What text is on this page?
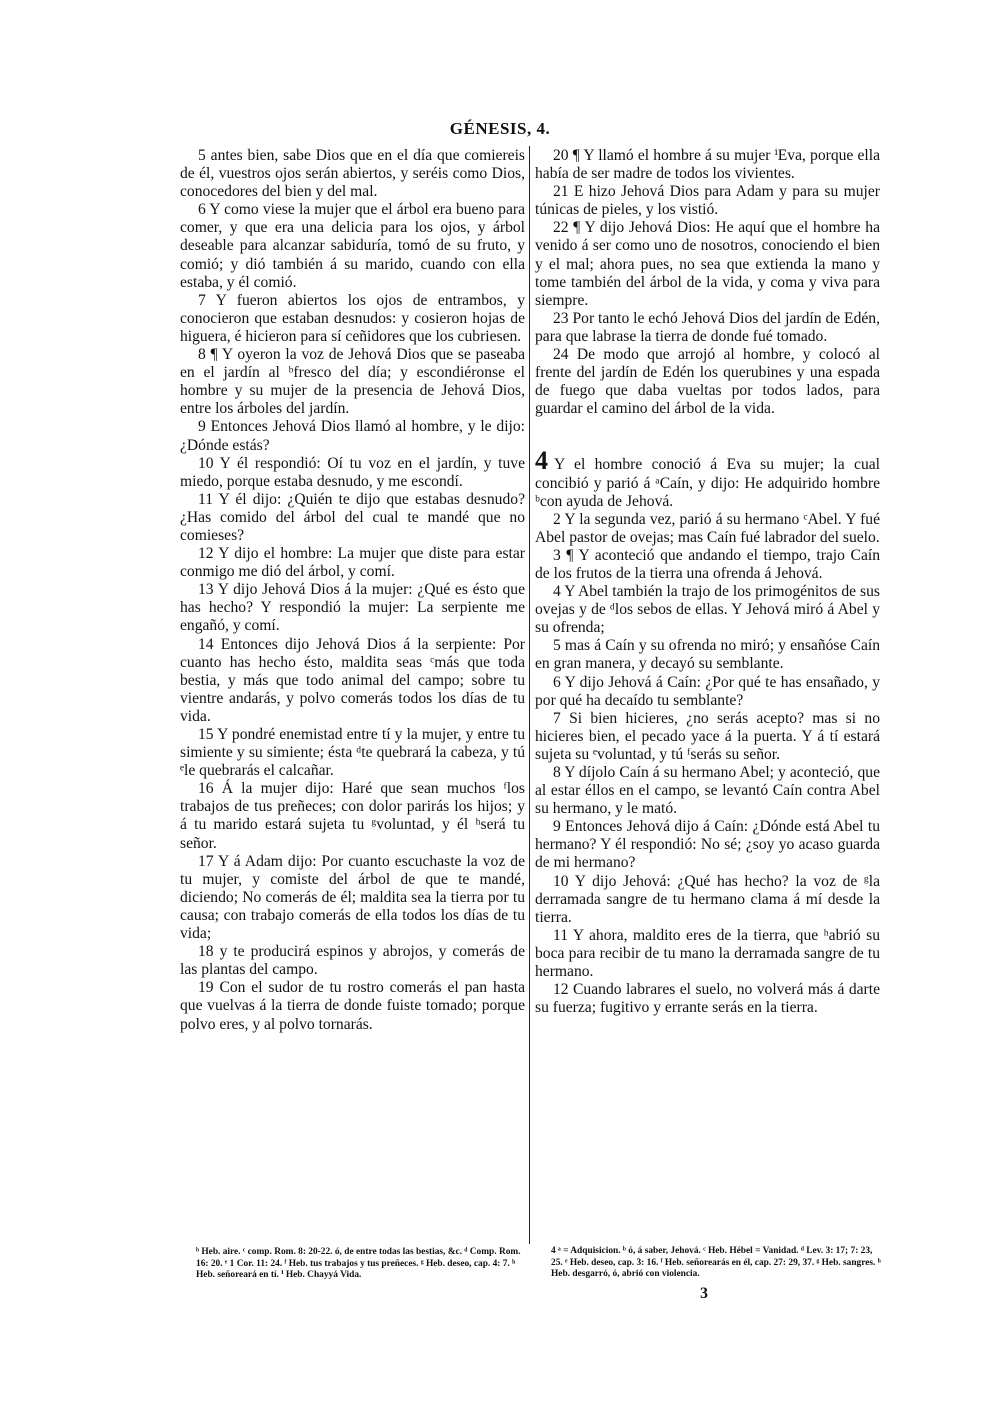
GÉNESIS, 4.

5 antes bien, sabe Dios que en el día que comiereis de él, vuestros ojos serán abiertos, y seréis como Dios, conocedores del bien y del mal.

6 Y como viese la mujer que el árbol era bueno para comer, y que era una delicia para los ojos, y árbol deseable para alcanzar sabiduría, tomó de su fruto, y comió; y dió también á su marido, cuando con ella estaba, y él comió.

7 Y fueron abiertos los ojos de entrambos, y conocieron que estaban desnudos: y cosieron hojas de higuera, é hicieron para sí ceñidores que los cubriesen.

8 ¶ Y oyeron la voz de Jehová Dios que se paseaba en el jardín al ᵇfresco del día; y escondiéronse el hombre y su mujer de la presencia de Jehová Dios, entre los árboles del jardín.

9 Entonces Jehová Dios llamó al hombre, y le dijo: ¿Dónde estás?

10 Y él respondió: Oí tu voz en el jardín, y tuve miedo, porque estaba desnudo, y me escondí.

11 Y él dijo: ¿Quién te dijo que estabas desnudo? ¿Has comido del árbol del cual te mandé que no comieses?

12 Y dijo el hombre: La mujer que diste para estar conmigo me dió del árbol, y comí.

13 Y dijo Jehová Dios á la mujer: ¿Qué es ésto que has hecho? Y respondió la mujer: La serpiente me engañó, y comí.

14 Entonces dijo Jehová Dios á la serpiente: Por cuanto has hecho ésto, maldita seas ᶜmás que toda bestia, y más que todo animal del campo; sobre tu vientre andarás, y polvo comerás todos los días de tu vida.

15 Y pondré enemistad entre tí y la mujer, y entre tu simiente y su simiente; ésta ᵈte quebrará la cabeza, y tú ᵉle quebrarás el calcañar.

16 Á la mujer dijo: Haré que sean muchos ᶠlos trabajos de tus preñeces; con dolor parirás los hijos; y á tu marido estará sujeta tu ᵍvoluntad, y él ʰserá tu señor.

17 Y á Adam dijo: Por cuanto escuchaste la voz de tu mujer, y comiste del árbol de que te mandé, diciendo; No comerás de él; maldita sea la tierra por tu causa; con trabajo comerás de ella todos los días de tu vida;

18 y te producirá espinos y abrojos, y comerás de las plantas del campo.

19 Con el sudor de tu rostro comerás el pan hasta que vuelvas á la tierra de donde fuiste tomado; porque polvo eres, y al polvo tornarás.

20 ¶ Y llamó el hombre á su mujer ⁱEva, porque ella había de ser madre de todos los vivientes.

21 E hizo Jehová Dios para Adam y para su mujer túnicas de pieles, y los vistió.

22 ¶ Y dijo Jehová Dios: He aquí que el hombre ha venido á ser como uno de nosotros, conociendo el bien y el mal; ahora pues, no sea que extienda la mano y tome también del árbol de la vida, y coma y viva para siempre.

23 Por tanto le echó Jehová Dios del jardín de Edén, para que labrase la tierra de donde fué tomado.

24 De modo que arrojó al hombre, y colocó al frente del jardín de Edén los querubines y una espada de fuego que daba vueltas por todos lados, para guardar el camino del árbol de la vida.

4 Y el hombre conoció á Eva su mujer; la cual concibió y parió á ᵃCaín, y dijo: He adquirido hombre ᵇcon ayuda de Jehová.

2 Y la segunda vez, parió á su hermano ᶜAbel. Y fué Abel pastor de ovejas; mas Caín fué labrador del suelo.

3 ¶ Y aconteció que andando el tiempo, trajo Caín de los frutos de la tierra una ofrenda á Jehová.

4 Y Abel también la trajo de los primogénitos de sus ovejas y de ᵈlos sebos de ellas. Y Jehová miró á Abel y su ofrenda;

5 mas á Caín y su ofrenda no miró; y ensañóse Caín en gran manera, y decayó su semblante.

6 Y dijo Jehová á Caín: ¿Por qué te has ensañado, y por qué ha decaído tu semblante?

7 Si bien hicieres, ¿no serás acepto? mas si no hicieres bien, el pecado yace á la puerta. Y á tí estará sujeta su ᵉvoluntad, y tú ᶠserás su señor.

8 Y díjolo Caín á su hermano Abel; y aconteció, que al estar éllos en el campo, se levantó Caín contra Abel su hermano, y le mató.

9 Entonces Jehová dijo á Caín: ¿Dónde está Abel tu hermano? Y él respondió: No sé; ¿soy yo acaso guarda de mi hermano?

10 Y dijo Jehová: ¿Qué has hecho? la voz de ᵍla derramada sangre de tu hermano clama á mí desde la tierra.

11 Y ahora, maldito eres de la tierra, que ʰabrió su boca para recibir de tu mano la derramada sangre de tu hermano.

12 Cuando labrares el suelo, no volverá más á darte su fuerza; fugitivo y errante serás en la tierra.

ᵇ Heb. aire. ᶜ comp. Rom. 8: 20-22. ó, de entre todas las bestias, &c. ᵈ Comp. Rom. 16: 20. ᵉ 1 Cor. 11: 24. ᶠ Heb. tus trabajos y tus preñeces. ᵍ Heb. deseo, cap. 4: 7. ʰ Heb. señoreará en tí. ⁱ Heb. Chayyá Vida.
4 ᵃ = Adquisicion. ᵇ ó, á saber, Jehová. ᶜ Heb. Hébel = Vanidad. ᵈ Lev. 3: 17; 7: 23, 25. ᵉ Heb. deseo, cap. 3: 16. ᶠ Heb. señorearás en él, cap. 27: 29, 37. ᵍ Heb. sangres. ʰ Heb. desgarró, ó, abrió con violencia.
3
